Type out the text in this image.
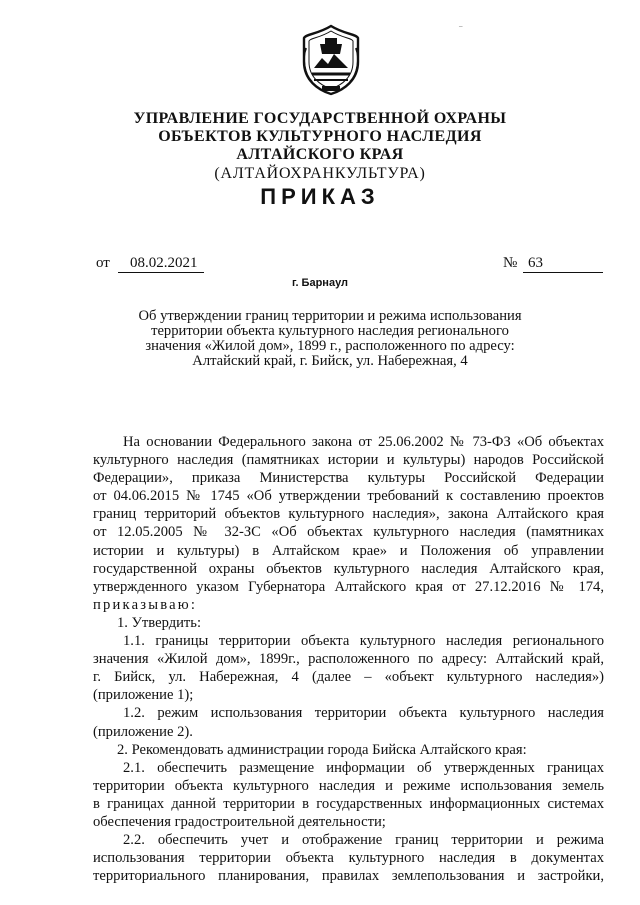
–
УПРАВЛЕНИЕ ГОСУДАРСТВЕННОЙ ОХРАНЫ
ОБЪЕКТОВ КУЛЬТУРНОГО НАСЛЕДИЯ
АЛТАЙСКОГО КРАЯ
(АЛТАЙОХРАНКУЛЬТУРА)
ПРИКАЗ
от 08.02.2021	№ 63
г. Барнаул
Об утверждении границ территории и режима использования
территории объекта культурного наследия регионального
значения «Жилой дом», 1899 г., расположенного по адресу:
Алтайский край, г. Бийск, ул. Набережная, 4
На основании Федерального закона от 25.06.2002 № 73-ФЗ «Об объектах
культурного наследия (памятниках истории и культуры) народов Российской
Федерации», приказа Министерства культуры Российской Федерации
от 04.06.2015 № 1745 «Об утверждении требований к составлению проектов
границ территорий объектов культурного наследия», закона Алтайского края
от 12.05.2005 № 32-ЗС «Об объектах культурного наследия (памятниках
истории и культуры) в Алтайском крае» и Положения об управлении
государственной охраны объектов культурного наследия Алтайского края,
утвержденного указом Губернатора Алтайского края от 27.12.2016 № 174,
приказываю:
1. Утвердить:
1.1. границы территории объекта культурного наследия регионального
значения «Жилой дом», 1899г., расположенного по адресу: Алтайский край,
г. Бийск, ул. Набережная, 4 (далее – «объект культурного наследия»)
(приложение 1);
1.2. режим использования территории объекта культурного наследия
(приложение 2).
2. Рекомендовать администрации города Бийска Алтайского края:
2.1. обеспечить размещение информации об утвержденных границах
территории объекта культурного наследия и режиме использования земель
в границах данной территории в государственных информационных системах
обеспечения градостроительной деятельности;
2.2. обеспечить учет и отображение границ территории и режима
использования территории объекта культурного наследия в документах
территориального планирования, правилах землепользования и застройки,
